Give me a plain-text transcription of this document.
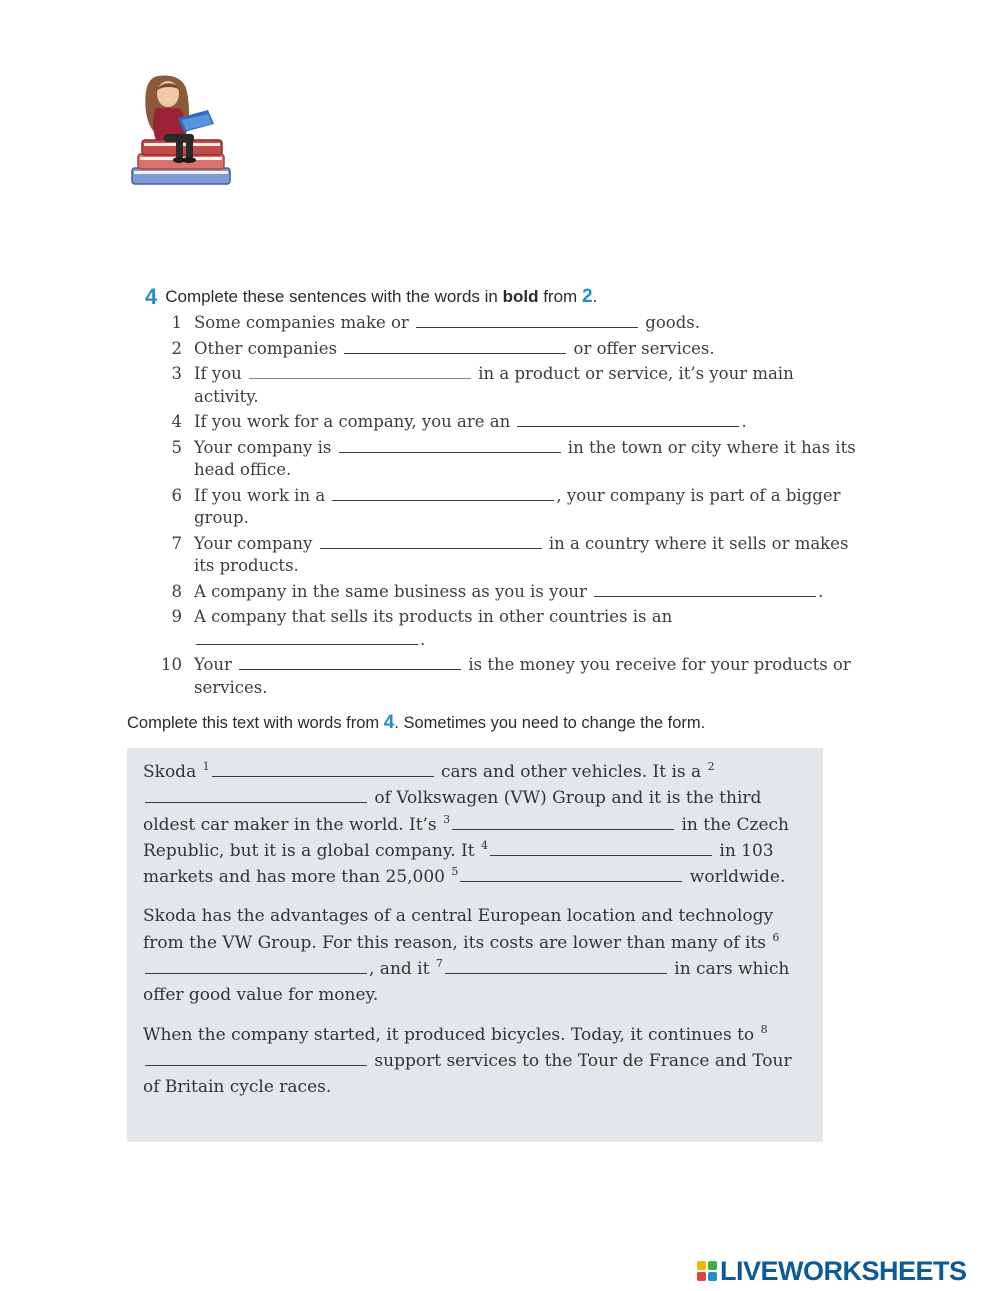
4 Complete these sentences with the words in bold from 2.
1 Some companies make or	goods.
2 Other companies	or offer services.
3 If you	in a product or service, it’s your main activity.
4 If you work for a company, you are an	.
5 Your company is	in the town or city where it has its head office.
6 If you work in a	, your company is part of a bigger group.
7 Your company	in a country where it sells or makes its products.
8 A company in the same business as you is your	.
9 A company that sells its products in other countries is an .
10 Your	is the money you receive for your products or services.
Complete this text with words from 4. Sometimes you need to change the form.

Skoda $^1$	cars and other vehicles. It is a $^2$ of Volkswagen (VW) Group and it is the third oldest car maker in the world. It’s $^3$	in the Czech Republic, but it is a global company. It $^4$	in 103 markets and has more than 25,000 $^5$	worldwide.

Skoda has the advantages of a central European location and technology from the VW Group. For this reason, its costs are lower than many of its $^6$, and it $^7$	in cars which offer good value for money.

When the company started, it produced bicycles. Today, it continues to $^8$ support services to the Tour de France and Tour of Britain cycle races.

LIVEWORKSHEETS
